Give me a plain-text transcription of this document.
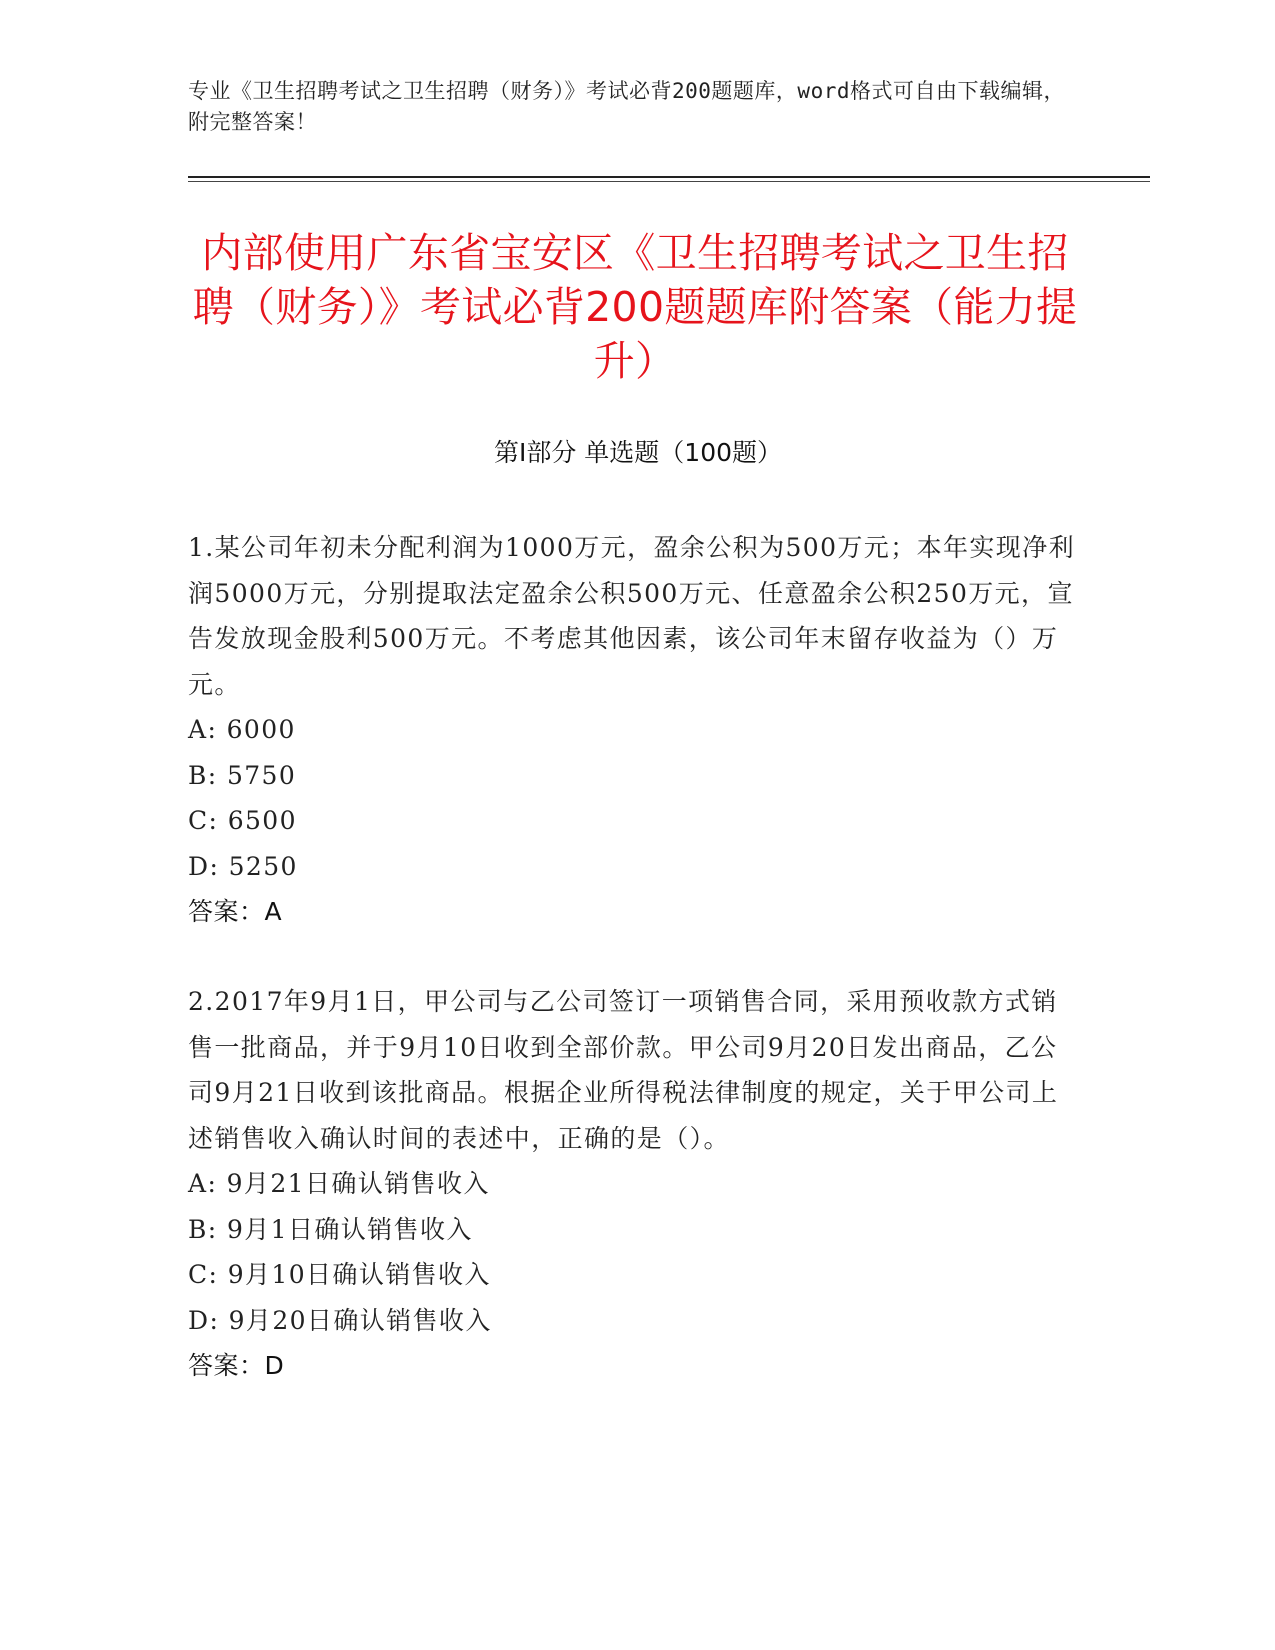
专业《卫生招聘考试之卫生招聘（财务）》考试必背200题题库，word格式可自由下载编辑，附完整答案！
内部使用广东省宝安区《卫生招聘考试之卫生招聘（财务）》考试必背200题题库附答案（能力提升）
第I部分 单选题（100题）

1.某公司年初未分配利润为1000万元，盈余公积为500万元；本年实现净利润5000万元，分别提取法定盈余公积500万元、任意盈余公积250万元，宣告发放现金股利500万元。不考虑其他因素，该公司年末留存收益为（）万元。

A: 6000

B: 5750

C: 6500

D: 5250

答案：A

2.2017年9月1日，甲公司与乙公司签订一项销售合同，采用预收款方式销售一批商品，并于9月10日收到全部价款。甲公司9月20日发出商品，乙公司9月21日收到该批商品。根据企业所得税法律制度的规定，关于甲公司上述销售收入确认时间的表述中，正确的是（）。

A: 9月21日确认销售收入

B: 9月1日确认销售收入

C: 9月10日确认销售收入

D: 9月20日确认销售收入

答案：D
